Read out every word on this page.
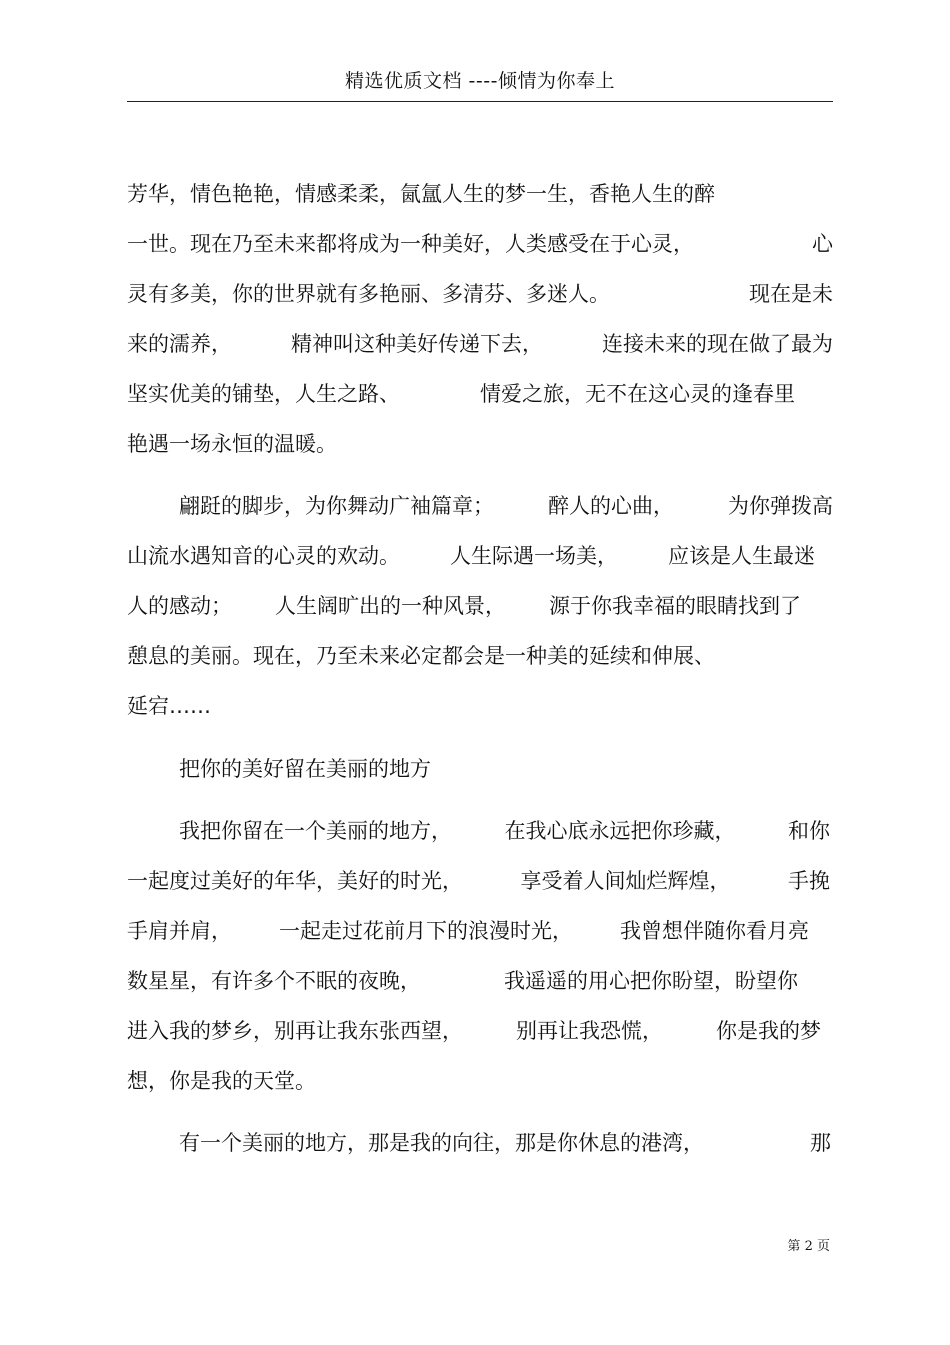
精选优质文档 ----倾情为你奉上
芳华，情色艳艳，情感柔柔，氤氲人生的梦一生，香艳人生的醉
一世。现在乃至未来都将成为一种美好，人类感受在于心灵，	心
灵有多美，你的世界就有多艳丽、多清芬、多迷人。	现在是未
来的濡养，	精神叫这种美好传递下去，	连接未来的现在做了最为
坚实优美的铺垫，人生之路、	情爱之旅，无不在这心灵的逢春里
艳遇一场永恒的温暖。
翩跹的脚步，为你舞动广袖篇章；	醉人的心曲，	为你弹拨高
山流水遇知音的心灵的欢动。 人生际遇一场美， 应该是人生最迷
人的感动； 人生阔旷出的一种风景， 源于你我幸福的眼睛找到了
憩息的美丽。现在，乃至未来必定都会是一种美的延续和伸展、
延宕……
把你的美好留在美丽的地方
我把你留在一个美丽的地方，	在我心底永远把你珍藏，	和你
一起度过美好的年华，美好的时光，	享受着人间灿烂辉煌，	手挽
手肩并肩， 一起走过花前月下的浪漫时光， 我曾想伴随你看月亮
数星星，有许多个不眠的夜晚，	我遥遥的用心把你盼望，盼望你
进入我的梦乡，别再让我东张西望，	别再让我恐慌，	你是我的梦
想，你是我的天堂。
有一个美丽的地方，那是我的向往，那是你休息的港湾，	那
第 2 页
